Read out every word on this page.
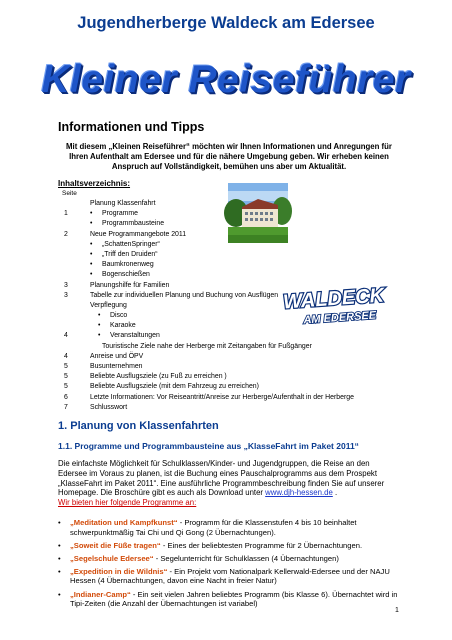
Jugendherberge Waldeck am Edersee
Kleiner Reiseführer
Informationen und Tipps
Mit diesem „Kleinen Reiseführer“ möchten wir Ihnen Informationen und Anregungen für Ihren Aufenthalt am Edersee und für die nähere Umgebung geben. Wir erheben keinen Anspruch auf Vollständigkeit, bemühen uns aber um Aktualität.
Inhaltsverzeichnis:
Seite
Planung Klassenfahrt
1	• Programme
• Programmbausteine
2	Neue Programmangebote 2011
• „SchattenSpringer“
• „Triff den Druiden“
• Baumkronenweg
• Bogenschießen
3	Planungshilfe für Familien
3	Tabelle zur individuellen Planung und Buchung von Ausflügen
Verpflegung
• Disco
• Karaoke
4	• Veranstaltungen
Touristische Ziele nahe der Herberge mit Zeitangaben für Fußgänger
4	Anreise und ÖPV
5	Busunternehmen
5	Beliebte Ausflugsziele (zu Fuß zu erreichen )
5	Beliebte Ausflugsziele (mit dem Fahrzeug zu erreichen)
6	Letzte Informationen: Vor Reiseantritt/Anreise zur Herberge/Aufenthalt in der Herberge
7	Schlusswort
WALDECK
AM EDERSEE
1. Planung von Klassenfahrten
1.1. Programme und Programmbausteine aus „KlasseFahrt im Paket 2011“
Die einfachste Möglichkeit für Schulklassen/Kinder- und Jugendgruppen, die Reise an den Edersee im Voraus zu planen, ist die Buchung eines Pauschalprogramms aus dem Prospekt „KlasseFahrt im Paket 2011“. Eine ausführliche Programmbeschreibung finden Sie auf unserer Homepage. Die Broschüre gibt es auch als Download unter www.djh-hessen.de .
Wir bieten hier folgende Programme an:
• „Meditation und Kampfkunst“ - Programm für die Klassenstufen 4 bis 10 beinhaltet schwerpunktmäßig Tai Chi und Qi Gong (2 Übernachtungen).
• „Soweit die Füße tragen“ - Eines der beliebtesten Programme für 2 Übernachtungen.
• „Segelschule Edersee“ - Segelunterricht für Schulklassen (4 Übernachtungen)
• „Expedition in die Wildnis“ - Ein Projekt vom Nationalpark Kellerwald-Edersee und der NAJU Hessen (4 Übernachtungen, davon eine Nacht in freier Natur)
• „Indianer-Camp“ - Ein seit vielen Jahren beliebtes Programm (bis Klasse 6). Übernachtet wird in Tipi-Zeiten (die Anzahl der Übernachtungen ist variabel)
1
